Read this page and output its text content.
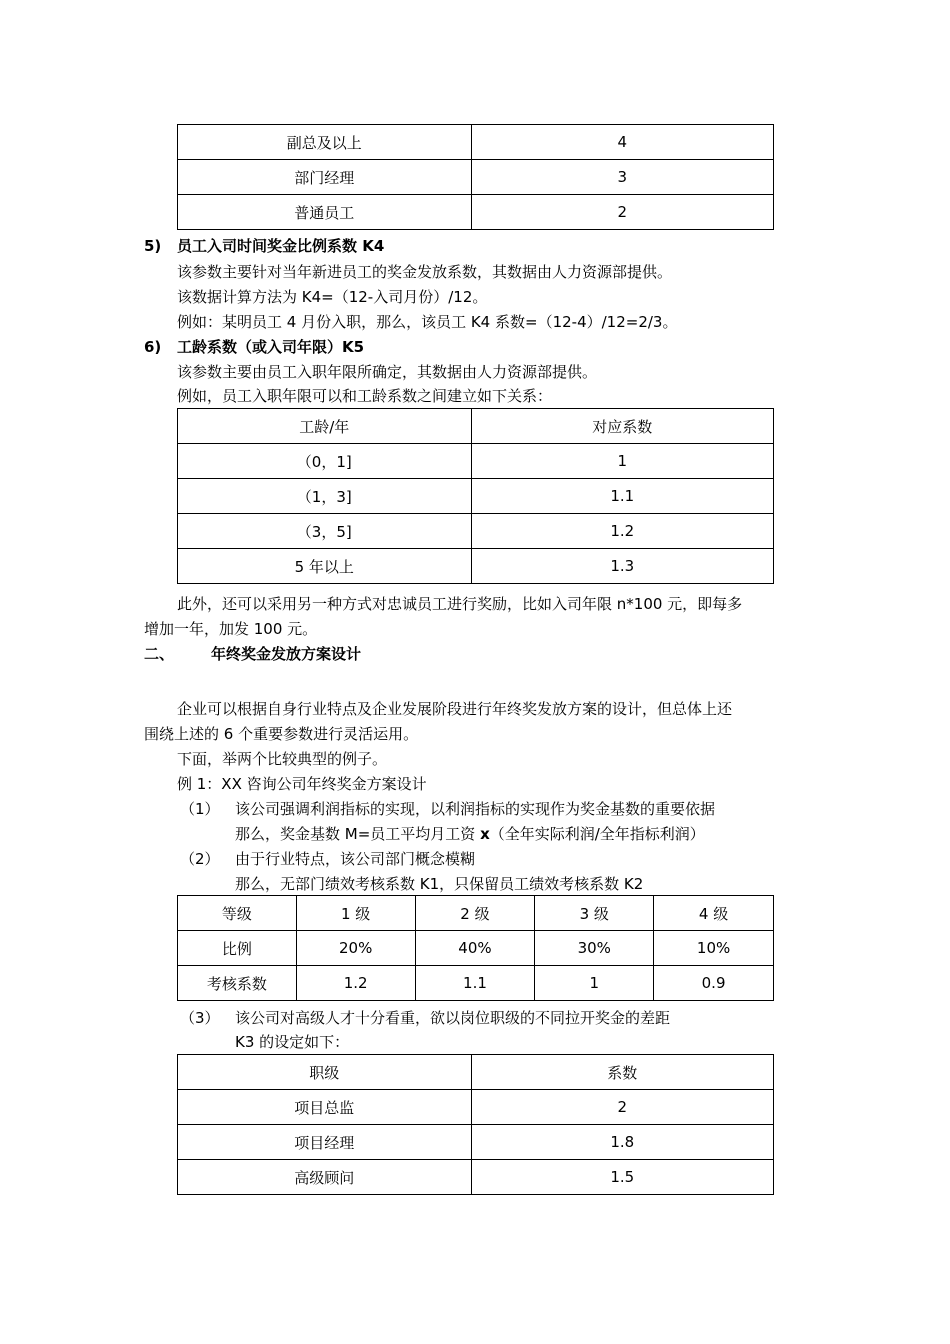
副总及以上	4
部门经理	3
普通员工	2
5) 员工入司时间奖金比例系数 K4
该参数主要针对当年新进员工的奖金发放系数，其数据由人力资源部提供。
该数据计算方法为 K4=（12-入司月份）/12。
例如：某明员工 4 月份入职，那么，该员工 K4 系数=（12-4）/12=2/3。
6) 工龄系数（或入司年限）K5
该参数主要由员工入职年限所确定，其数据由人力资源部提供。
例如，员工入职年限可以和工龄系数之间建立如下关系：
工龄/年	对应系数
（0，1]	1
（1，3]	1.1
（3，5]	1.2
5 年以上	1.3
此外，还可以采用另一种方式对忠诚员工进行奖励，比如入司年限 n*100 元，即每多
增加一年，加发 100 元。
二、 年终奖金发放方案设计
企业可以根据自身行业特点及企业发展阶段进行年终奖发放方案的设计，但总体上还
围绕上述的 6 个重要参数进行灵活运用。
下面，举两个比较典型的例子。
例 1：XX 咨询公司年终奖金方案设计
（1） 该公司强调利润指标的实现，以利润指标的实现作为奖金基数的重要依据
那么，奖金基数 M=员工平均月工资 x（全年实际利润/全年指标利润）
（2） 由于行业特点，该公司部门概念模糊
那么，无部门绩效考核系数 K1，只保留员工绩效考核系数 K2
等级	1 级	2 级	3 级	4 级
比例	20%	40%	30%	10%
考核系数	1.2	1.1	1	0.9
（3） 该公司对高级人才十分看重，欲以岗位职级的不同拉开奖金的差距
K3 的设定如下：
职级	系数
项目总监	2
项目经理	1.8
高级顾问	1.5
